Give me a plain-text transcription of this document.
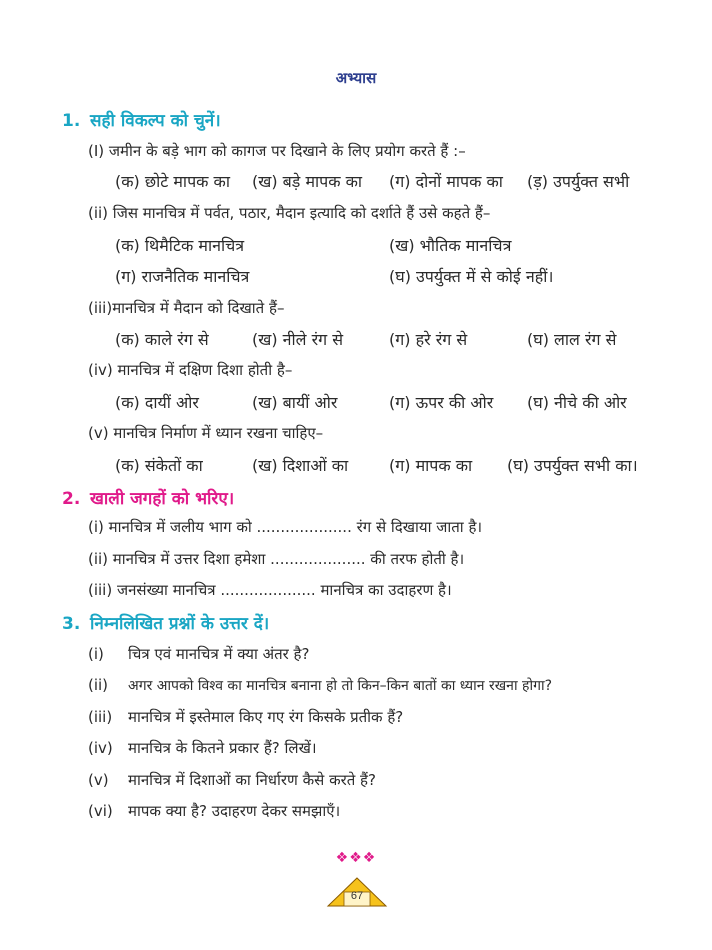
अभ्यास
1. सही विकल्प को चुनें।
(I) जमीन के बड़े भाग को कागज पर दिखाने के लिए प्रयोग करते हैं :–
(क) छोटे मापक का (ख) बड़े मापक का (ग) दोनों मापक का (ड़) उपर्युक्त सभी
(ii) जिस मानचित्र में पर्वत, पठार, मैदान इत्यादि को दर्शाते हैं उसे कहते हैं–
(क) थिमैटिक मानचित्र	(ख) भौतिक मानचित्र
(ग) राजनैतिक मानचित्र	(घ) उपर्युक्त में से कोई नहीं।
(iii)मानचित्र में मैदान को दिखाते हैं–
(क) काले रंग से	(ख) नीले रंग से	(ग) हरे रंग से	(घ) लाल रंग से
(iv) मानचित्र में दक्षिण दिशा होती है–
(क) दायीं ओर	(ख) बायीं ओर	(ग) ऊपर की ओर (घ) नीचे की ओर
(v) मानचित्र निर्माण में ध्यान रखना चाहिए–
(क) संकेतों का	(ख) दिशाओं का	(ग) मापक का (घ) उपर्युक्त सभी का।
2. खाली जगहों को भरिए।
(i) मानचित्र में जलीय भाग को .................... रंग से दिखाया जाता है।
(ii) मानचित्र में उत्तर दिशा हमेशा .................... की तरफ होती है।
(iii) जनसंख्या मानचित्र .................... मानचित्र का उदाहरण है।
3. निम्नलिखित प्रश्नों के उत्तर दें।
(i) चित्र एवं मानचित्र में क्या अंतर है?
(ii) अगर आपको विश्व का मानचित्र बनाना हो तो किन–किन बातों का ध्यान रखना होगा?
(iii) मानचित्र में इस्तेमाल किए गए रंग किसके प्रतीक हैं?
(iv) मानचित्र के कितने प्रकार हैं? लिखें।
(v) मानचित्र में दिशाओं का निर्धारण कैसे करते हैं?
(vi) मापक क्या है? उदाहरण देकर समझाएँ।
❖❖❖
67
